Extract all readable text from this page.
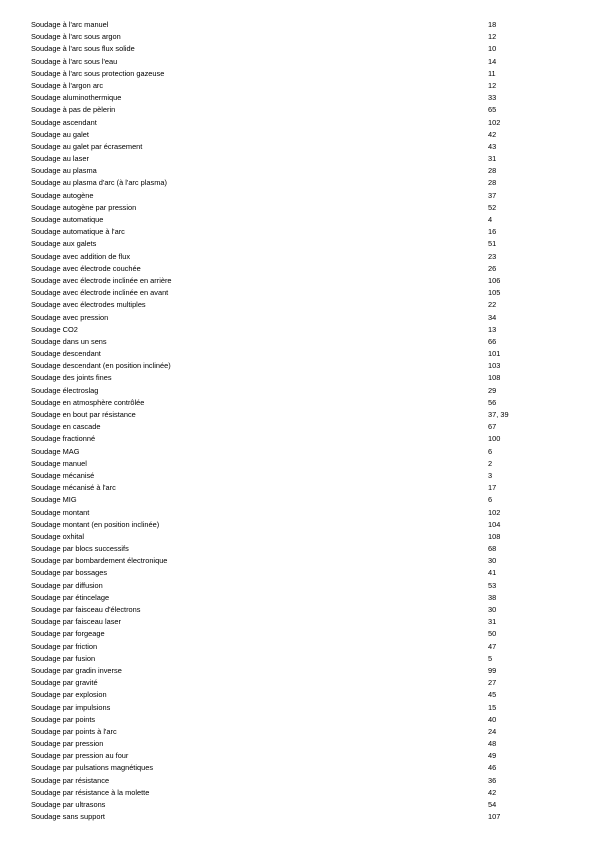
Soudage à l'arc manuel	18
Soudage à l'arc sous argon	12
Soudage à l'arc sous flux solide	10
Soudage à l'arc sous l'eau	14
Soudage à l'arc sous protection gazeuse	11
Soudage à l'argon arc	12
Soudage aluminothermique	33
Soudage à pas de pèlerin	65
Soudage ascendant	102
Soudage au galet	42
Soudage au galet par écrasement	43
Soudage au laser	31
Soudage au plasma	28
Soudage au plasma d'arc (à l'arc plasma)	28
Soudage autogène	37
Soudage autogène par pression	52
Soudage automatique	4
Soudage automatique à l'arc	16
Soudage aux galets	51
Soudage avec addition de flux	23
Soudage avec électrode couchée	26
Soudage avec électrode inclinée en arrière	106
Soudage avec électrode inclinée en avant	105
Soudage avec électrodes multiples	22
Soudage avec pression	34
Soudage CO2	13
Soudage dans un sens	66
Soudage descendant	101
Soudage descendant (en position inclinée)	103
Soudage des joints fines	108
Soudage électroslag	29
Soudage en atmosphère contrôlée	56
Soudage en bout par résistance	37, 39
Soudage en cascade	67
Soudage fractionné	100
Soudage MAG	6
Soudage manuel	2
Soudage mécanisé	3
Soudage mécanisé à l'arc	17
Soudage MIG	6
Soudage montant	102
Soudage montant (en position inclinée)	104
Soudage oxhital	108
Soudage par blocs successifs	68
Soudage par bombardement électronique	30
Soudage par bossages	41
Soudage par diffusion	53
Soudage par étincelage	38
Soudage par faisceau d'électrons	30
Soudage par faisceau laser	31
Soudage par forgeage	50
Soudage par friction	47
Soudage par fusion	5
Soudage par gradin inverse	99
Soudage par gravité	27
Soudage par explosion	45
Soudage par impulsions	15
Soudage par points	40
Soudage par points à l'arc	24
Soudage par pression	48
Soudage par pression au four	49
Soudage par pulsations magnétiques	46
Soudage par résistance	36
Soudage par résistance à la molette	42
Soudage par ultrasons	54
Soudage sans support	107
